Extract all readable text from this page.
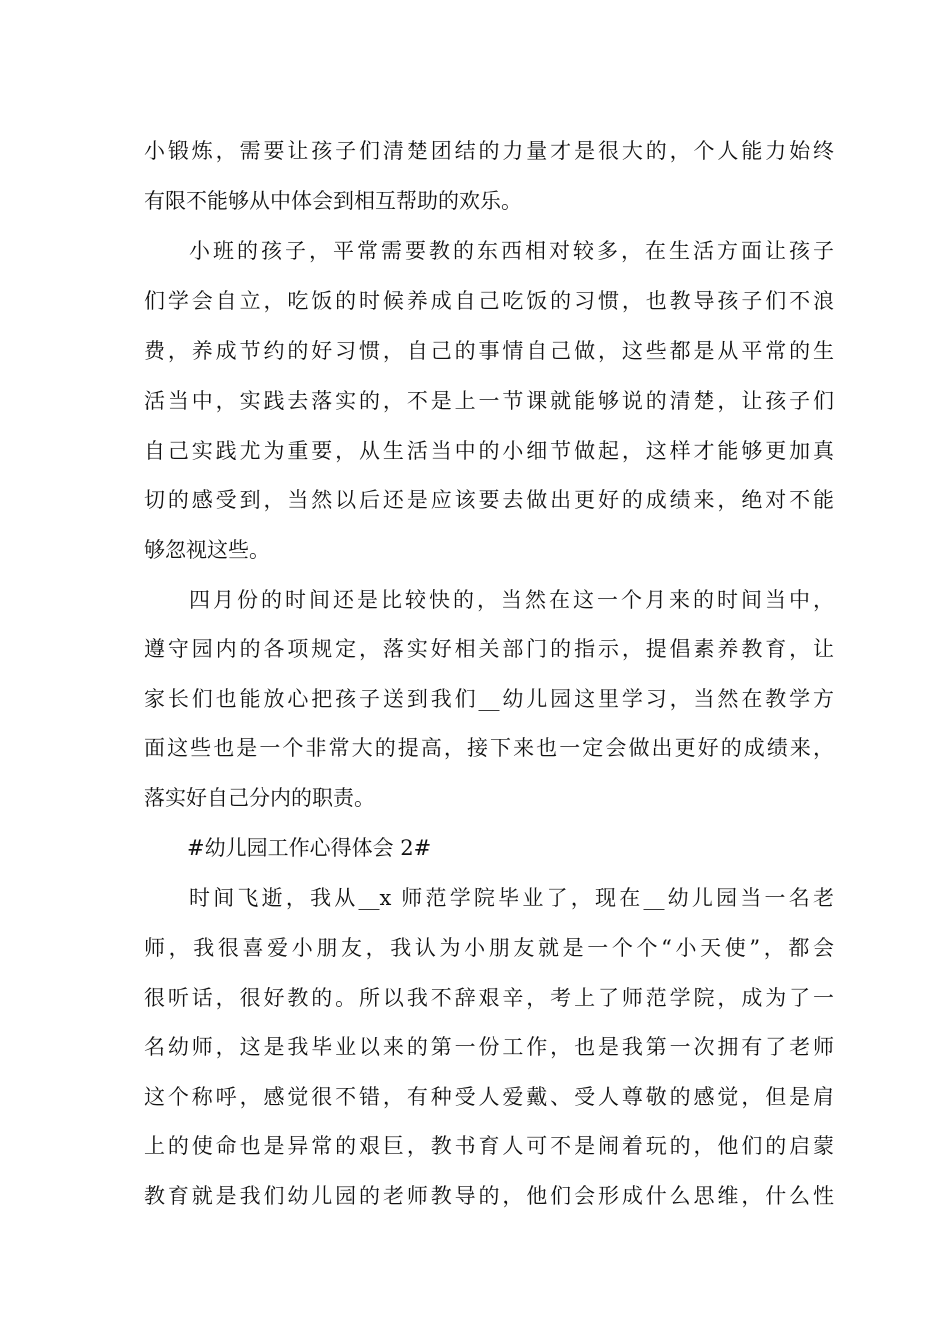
小锻炼，需要让孩子们清楚团结的力量才是很大的，个人能力始终
有限不能够从中体会到相互帮助的欢乐。
小班的孩子，平常需要教的东西相对较多，在生活方面让孩子
们学会自立，吃饭的时候养成自己吃饭的习惯，也教导孩子们不浪
费，养成节约的好习惯，自己的事情自己做，这些都是从平常的生
活当中，实践去落实的，不是上一节课就能够说的清楚，让孩子们
自己实践尤为重要，从生活当中的小细节做起，这样才能够更加真
切的感受到，当然以后还是应该要去做出更好的成绩来，绝对不能
够忽视这些。
四月份的时间还是比较快的，当然在这一个月来的时间当中，
遵守园内的各项规定，落实好相关部门的指示，提倡素养教育，让
家长们也能放心把孩子送到我们__幼儿园这里学习，当然在教学方
面这些也是一个非常大的提高，接下来也一定会做出更好的成绩来，
落实好自己分内的职责。
#幼儿园工作心得体会 2#
时间飞逝，我从__x 师范学院毕业了，现在__幼儿园当一名老
师，我很喜爱小朋友，我认为小朋友就是一个个“小天使”，都会
很听话，很好教的。所以我不辞艰辛，考上了师范学院，成为了一
名幼师，这是我毕业以来的第一份工作，也是我第一次拥有了老师
这个称呼，感觉很不错，有种受人爱戴、受人尊敬的感觉，但是肩
上的使命也是异常的艰巨，教书育人可不是闹着玩的，他们的启蒙
教育就是我们幼儿园的老师教导的，他们会形成什么思维，什么性
